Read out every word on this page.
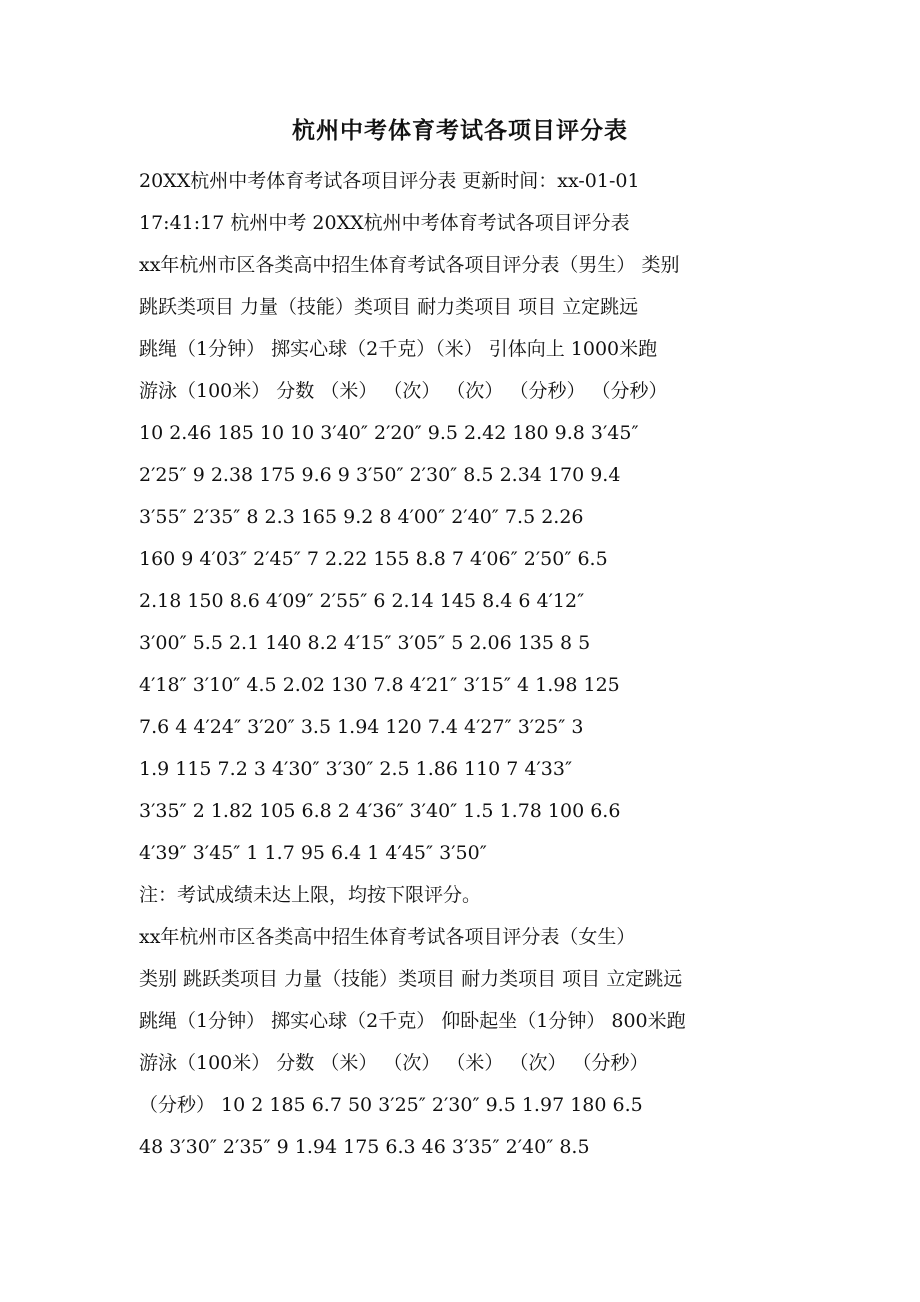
杭州中考体育考试各项目评分表
20XX杭州中考体育考试各项目评分表 更新时间：xx-01-01
17:41:17 杭州中考 20XX杭州中考体育考试各项目评分表
xx年杭州市区各类高中招生体育考试各项目评分表（男生） 类别
跳跃类项目 力量（技能）类项目 耐力类项目 项目 立定跳远
跳绳（1分钟） 掷实心球（2千克）（米） 引体向上 1000米跑
游泳（100米） 分数 （米） （次） （次） （分秒） （分秒）
10 2.46 185 10 10 3′40″ 2′20″ 9.5 2.42 180 9.8 3′45″
2′25″ 9 2.38 175 9.6 9 3′50″ 2′30″ 8.5 2.34 170 9.4
3′55″ 2′35″ 8 2.3 165 9.2 8 4′00″ 2′40″ 7.5 2.26
160 9 4′03″ 2′45″ 7 2.22 155 8.8 7 4′06″ 2′50″ 6.5
2.18 150 8.6 4′09″ 2′55″ 6 2.14 145 8.4 6 4′12″
3′00″ 5.5 2.1 140 8.2 4′15″ 3′05″ 5 2.06 135 8 5
4′18″ 3′10″ 4.5 2.02 130 7.8 4′21″ 3′15″ 4 1.98 125
7.6 4 4′24″ 3′20″ 3.5 1.94 120 7.4 4′27″ 3′25″ 3
1.9 115 7.2 3 4′30″ 3′30″ 2.5 1.86 110 7 4′33″
3′35″ 2 1.82 105 6.8 2 4′36″ 3′40″ 1.5 1.78 100 6.6
4′39″ 3′45″ 1 1.7 95 6.4 1 4′45″ 3′50″
注：考试成绩未达上限，均按下限评分。
xx年杭州市区各类高中招生体育考试各项目评分表（女生）
类别 跳跃类项目 力量（技能）类项目 耐力类项目 项目 立定跳远
跳绳（1分钟） 掷实心球（2千克） 仰卧起坐（1分钟） 800米跑
游泳（100米） 分数 （米） （次） （米） （次） （分秒）
（分秒） 10 2 185 6.7 50 3′25″ 2′30″ 9.5 1.97 180 6.5
48 3′30″ 2′35″ 9 1.94 175 6.3 46 3′35″ 2′40″ 8.5
